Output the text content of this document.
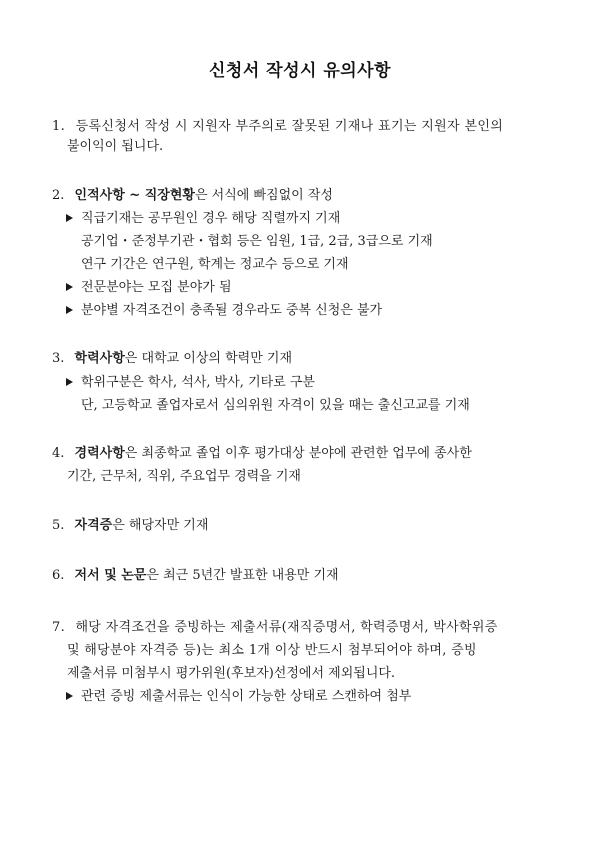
신청서 작성시 유의사항
1. 등록신청서 작성 시 지원자 부주의로 잘못된 기재나 표기는 지원자 본인의
불이익이 됩니다.
2. 인적사항 ~ 직장현황은 서식에 빠짐없이 작성
직급기재는 공무원인 경우 해당 직렬까지 기재
공기업・준정부기관・협회 등은 임원, 1급, 2급, 3급으로 기재
연구 기간은 연구원, 학계는 정교수 등으로 기재
전문분야는 모집 분야가 됨
분야별 자격조건이 충족될 경우라도 중복 신청은 불가
3. 학력사항은 대학교 이상의 학력만 기재
학위구분은 학사, 석사, 박사, 기타로 구분
단, 고등학교 졸업자로서 심의위원 자격이 있을 때는 출신고교를 기재
4. 경력사항은 최종학교 졸업 이후 평가대상 분야에 관련한 업무에 종사한
기간, 근무처, 직위, 주요업무 경력을 기재
5. 자격증은 해당자만 기재
6. 저서 및 논문은 최근 5년간 발표한 내용만 기재
7. 해당 자격조건을 증빙하는 제출서류(재직증명서, 학력증명서, 박사학위증
및 해당분야 자격증 등)는 최소 1개 이상 반드시 첨부되어야 하며, 증빙
제출서류 미첨부시 평가위원(후보자)선정에서 제외됩니다.
관련 증빙 제출서류는 인식이 가능한 상태로 스캔하여 첨부
